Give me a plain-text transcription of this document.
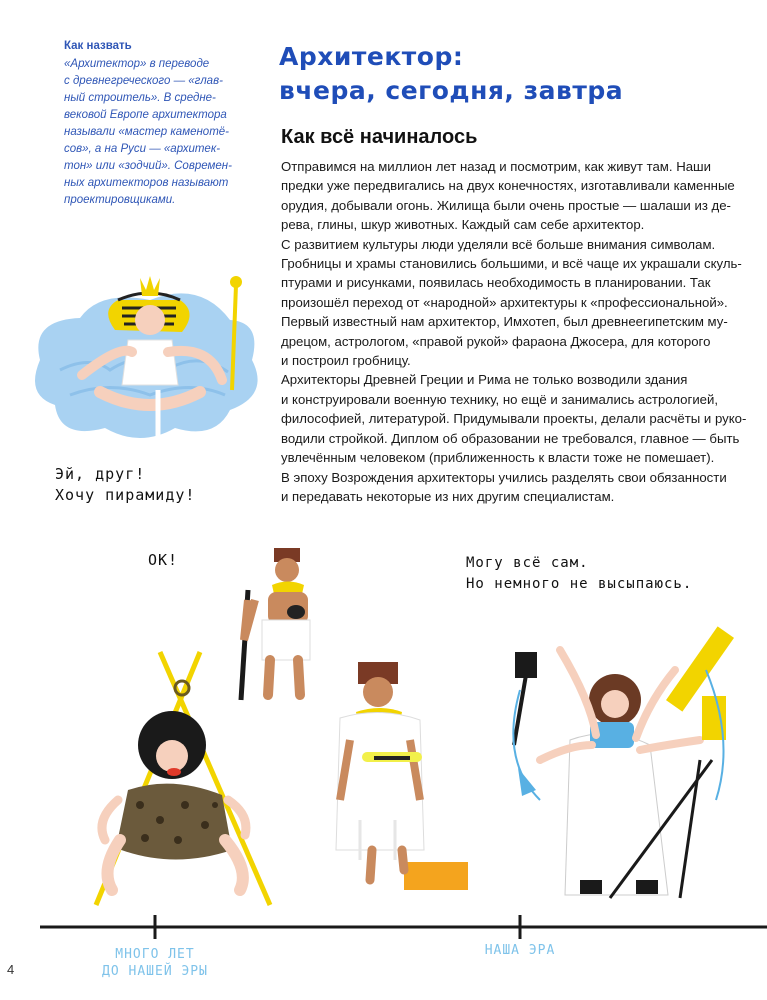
Как назвать
«Архитектор» в переводе
с древнегреческого — «глав-
ный строитель». В средне-
вековой Европе архитектора
называли «мастер каменотё-
сов», а на Руси — «архитек-
тон» или «зодчий». Современ-
ных архитекторов называют
проектировщиками.
Архитектор:
вчера, сегодня, завтра
Как всё начиналось

Отправимся на миллион лет назад и посмотрим, как живут там. Наши
предки уже передвигались на двух конечностях, изготавливали каменные
орудия, добывали огонь. Жилища были очень простые — шалаши из де-
рева, глины, шкур животных. Каждый сам себе архитектор.

С развитием культуры люди уделяли всё больше внимания символам.
Гробницы и храмы становились большими, и всё чаще их украшали скуль-
птурами и рисунками, появилась необходимость в планировании. Так
произошёл переход от «народной» архитектуры к «профессиональной».
Первый известный нам архитектор, Имхотеп, был древнеегипетским му-
дрецом, астрологом, «правой рукой» фараона Джосера, для которого
и построил гробницу.

Архитекторы Древней Греции и Рима не только возводили здания
и конструировали военную технику, но ещё и занимались астрологией,
философией, литературой. Придумывали проекты, делали расчёты и руко-
водили стройкой. Диплом об образовании не требовался, главное — быть
увлечённым человеком (приближенность к власти тоже не помешает).

В эпоху Возрождения архитекторы учились разделять свои обязанности
и передавать некоторые из них другим специалистам.

Эй, друг!
Хочу пирамиду!
ОК!	Могу всё сам.
Но немного не высыпаюсь.
МНОГО ЛЕТ
ДО НАШЕЙ ЭРЫ
НАША ЭРА
4
